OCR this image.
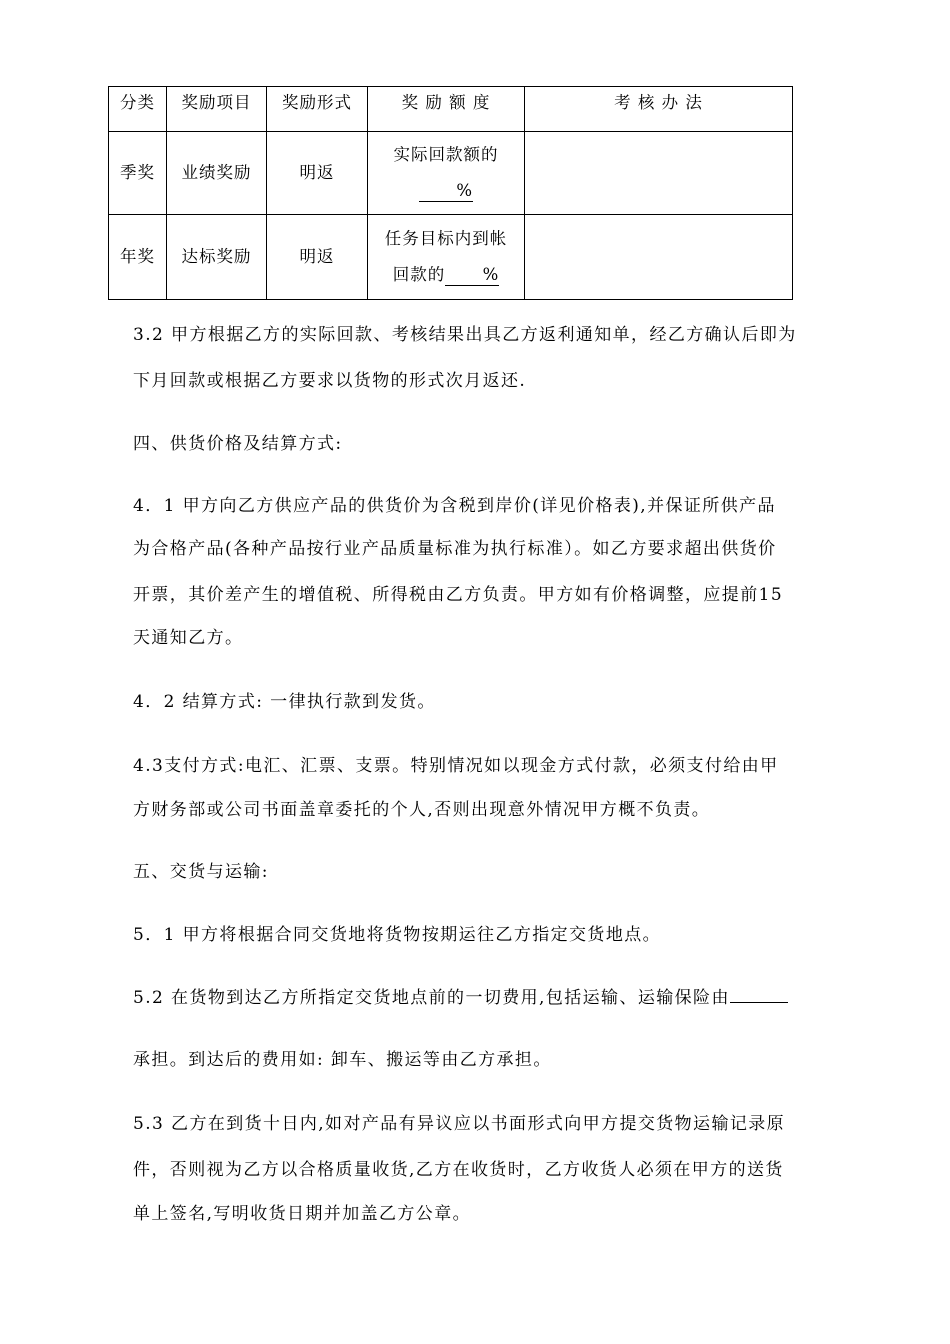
分类	奖励项目	奖励形式	奖 励 额 度	考 核 办 法
季奖	业绩奖励	明返	实际回款额的
%	

年奖	达标奖励	明返	任务目标内到帐
回款的 %	

3.2 甲方根据乙方的实际回款、考核结果出具乙方返利通知单，经乙方确认后即为

下月回款或根据乙方要求以货物的形式次月返还.

四、供货价格及结算方式:

4．1 甲方向乙方供应产品的供货价为含税到岸价(详见价格表),并保证所供产品

为合格产品(各种产品按行业产品质量标准为执行标准）。如乙方要求超出供货价

开票，其价差产生的增值税、所得税由乙方负责。甲方如有价格调整，应提前15

天通知乙方。

4．2 结算方式: 一律执行款到发货。

4.3支付方式:电汇、汇票、支票。特别情况如以现金方式付款，必须支付给由甲

方财务部或公司书面盖章委托的个人,否则出现意外情况甲方概不负责。

五、交货与运输:

5．1 甲方将根据合同交货地将货物按期运往乙方指定交货地点。

5.2 在货物到达乙方所指定交货地点前的一切费用,包括运输、运输保险由

承担。到达后的费用如: 卸车、搬运等由乙方承担。

5.3 乙方在到货十日内,如对产品有异议应以书面形式向甲方提交货物运输记录原

件，否则视为乙方以合格质量收货,乙方在收货时，乙方收货人必须在甲方的送货

单上签名,写明收货日期并加盖乙方公章。
